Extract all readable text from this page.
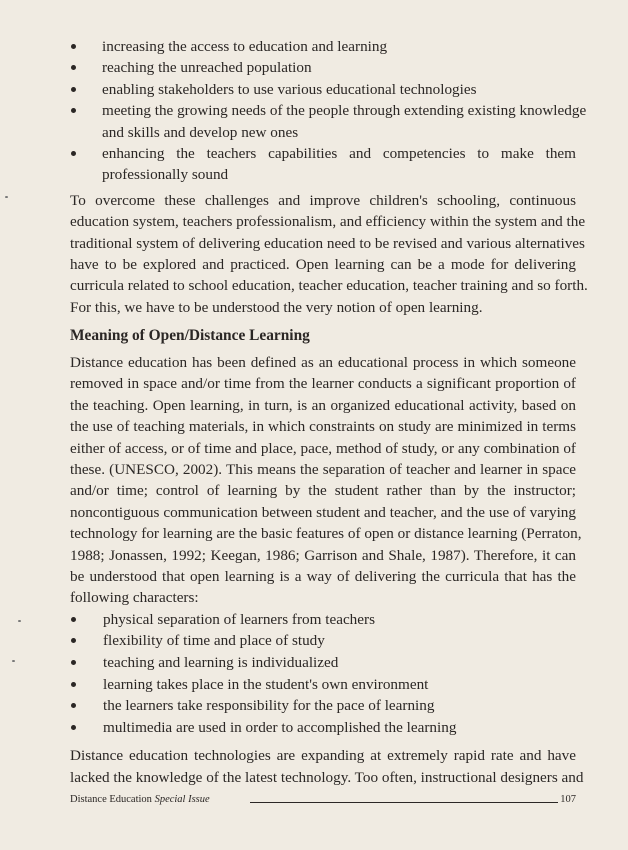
increasing the access to education and learning
reaching the unreached population
enabling stakeholders to use various educational technologies
meeting the growing needs of the people through extending existing knowledge
and skills and develop new ones
enhancing the teachers capabilities and competencies to make them
professionally sound
To overcome these challenges and improve children's schooling, continuous
education system, teachers professionalism, and efficiency within the system and the
traditional system of delivering education need to be revised and various alternatives
have to be explored and practiced. Open learning can be a mode for delivering
curricula related to school education, teacher education, teacher training and so forth.
For this, we have to be understood the very notion of open learning.
Meaning of Open/Distance Learning
Distance education has been defined as an educational process in which someone
removed in space and/or time from the learner conducts a significant proportion of
the teaching. Open learning, in turn, is an organized educational activity, based on
the use of teaching materials, in which constraints on study are minimized in terms
either of access, or of time and place, pace, method of study, or any combination of
these. (UNESCO, 2002). This means the separation of teacher and learner in space
and/or time; control of learning by the student rather than by the instructor;
noncontiguous communication between student and teacher, and the use of varying
technology for learning are the basic features of open or distance learning (Perraton,
1988; Jonassen, 1992; Keegan, 1986; Garrison and Shale, 1987). Therefore, it can
be understood that open learning is a way of delivering the curricula that has the
following characters:
physical separation of learners from teachers
flexibility of time and place of study
teaching and learning is individualized
learning takes place in the student's own environment
the learners take responsibility for the pace of learning
multimedia are used in order to accomplished the learning
Distance education technologies are expanding at extremely rapid rate and have
lacked the knowledge of the latest technology. Too often, instructional designers and
Distance Education Special Issue	107
